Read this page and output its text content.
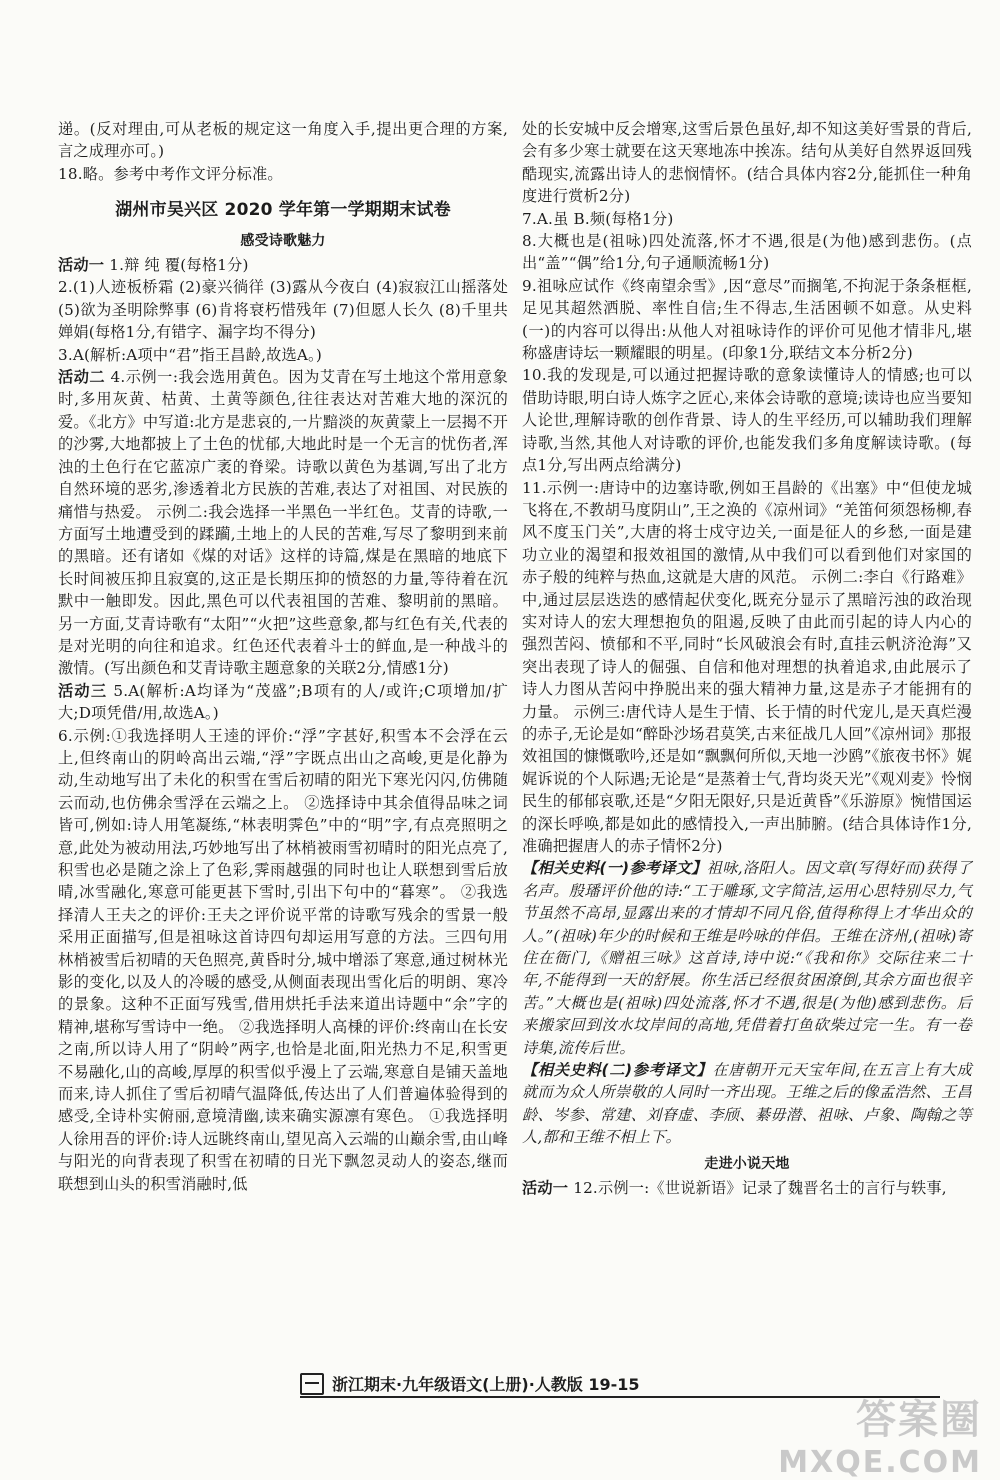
递。(反对理由,可从老板的规定这一角度入手,提出更合理的方案,言之成理亦可。)

18.略。参考中考作文评分标准。

湖州市吴兴区 2020 学年第一学期期末试卷
感受诗歌魅力

活动一 1.辩 纯 覆(每格1分)

2.(1)人迹板桥霜 (2)豪兴徜徉 (3)露从今夜白 (4)寂寂江山摇落处 (5)欲为圣明除弊事 (6)肯将衰朽惜残年 (7)但愿人长久 (8)千里共婵娟(每格1分,有错字、漏字均不得分)

3.A(解析:A项中“君”指王昌龄,故选A。)

活动二 4.示例一:我会选用黄色。因为艾青在写土地这个常用意象时,多用灰黄、枯黄、土黄等颜色,往往表达对苦难大地的深沉的爱。《北方》中写道:北方是悲哀的,一片黯淡的灰黄蒙上一层揭不开的沙雾,大地都披上了土色的忧郁,大地此时是一个无言的忧伤者,浑浊的土色行在它蓝凉广袤的脊梁。诗歌以黄色为基调,写出了北方自然环境的恶劣,渗透着北方民族的苦难,表达了对祖国、对民族的痛惜与热爱。 示例二:我会选择一半黑色一半红色。艾青的诗歌,一方面写土地遭受到的蹂躏,土地上的人民的苦难,写尽了黎明到来前的黑暗。还有诸如《煤的对话》这样的诗篇,煤是在黑暗的地底下长时间被压抑且寂寞的,这正是长期压抑的愤怒的力量,等待着在沉默中一触即发。因此,黑色可以代表祖国的苦难、黎明前的黑暗。另一方面,艾青诗歌有“太阳”“火把”这些意象,都与红色有关,代表的是对光明的向往和追求。红色还代表着斗士的鲜血,是一种战斗的激情。(写出颜色和艾青诗歌主题意象的关联2分,情感1分)

活动三 5.A(解析:A均译为“茂盛”;B项有的人/或许;C项增加/扩大;D项凭借/用,故选A。)

6.示例:①我选择明人王逵的评价:“浮”字甚好,积雪本不会浮在云上,但终南山的阴岭高出云端,“浮”字既点出山之高峻,更是化静为动,生动地写出了未化的积雪在雪后初晴的阳光下寒光闪闪,仿佛随云而动,也仿佛余雪浮在云端之上。 ②选择诗中其余值得品味之词皆可,例如:诗人用笔凝练,“林表明霁色”中的“明”字,有点亮照明之意,此处为被动用法,巧妙地写出了林梢被雨雪初晴时的阳光点亮了,积雪也必是随之涂上了色彩,霁雨越强的同时也让人联想到雪后放晴,冰雪融化,寒意可能更甚下雪时,引出下句中的“暮寒”。 ②我选择清人王夫之的评价:王夫之评价说平常的诗歌写残余的雪景一般采用正面描写,但是祖咏这首诗四句却运用写意的方法。三四句用林梢被雪后初晴的天色照亮,黄昏时分,城中增添了寒意,通过树林光影的变化,以及人的冷暖的感受,从侧面表现出雪化后的明朗、寒冷的景象。这种不正面写残雪,借用烘托手法来道出诗题中“余”字的精神,堪称写雪诗中一绝。 ②我选择明人高棅的评价:终南山在长安之南,所以诗人用了“阴岭”两字,也恰是北面,阳光热力不足,积雪更不易融化,山的高峻,厚厚的积雪似乎漫上了云端,寒意自是铺天盖地而来,诗人抓住了雪后初晴气温降低,传达出了人们普遍体验得到的感受,全诗朴实俯丽,意境清幽,读来确实源凛有寒色。 ①我选择明人徐用吾的评价:诗人远眺终南山,望见高入云端的山巅余雪,由山峰与阳光的向背表现了积雪在初晴的日光下飘忽灵动人的姿态,继而联想到山头的积雪消融时,低

处的长安城中反会增寒,这雪后景色虽好,却不知这美好雪景的背后,会有多少寒士就要在这天寒地冻中挨冻。结句从美好自然界返回残酷现实,流露出诗人的悲悯情怀。(结合具体内容2分,能抓住一种角度进行赏析2分)

7.A.虽 B.频(每格1分)

8.大概也是(祖咏)四处流落,怀才不遇,很是(为他)感到悲伤。(点出“盖”“偶”给1分,句子通顺流畅1分)

9.祖咏应试作《终南望余雪》,因“意尽”而搁笔,不拘泥于条条框框,足见其超然洒脱、率性自信;生不得志,生活困顿不如意。从史料(一)的内容可以得出:从他人对祖咏诗作的评价可见他才情非凡,堪称盛唐诗坛一颗耀眼的明星。(印象1分,联结文本分析2分)

10.我的发现是,可以通过把握诗歌的意象读懂诗人的情感;也可以借助诗眼,明白诗人炼字之匠心,来体会诗歌的意境;读诗也应当要知人论世,理解诗歌的创作背景、诗人的生平经历,可以辅助我们理解诗歌,当然,其他人对诗歌的评价,也能发我们多角度解读诗歌。(每点1分,写出两点给满分)

11.示例一:唐诗中的边塞诗歌,例如王昌龄的《出塞》中“但使龙城飞将在,不教胡马度阴山”,王之涣的《凉州词》“羌笛何须怨杨柳,春风不度玉门关”,大唐的将士戍守边关,一面是征人的乡愁,一面是建功立业的渴望和报效祖国的激情,从中我们可以看到他们对家国的赤子般的纯粹与热血,这就是大唐的风范。 示例二:李白《行路难》中,通过层层迭迭的感情起伏变化,既充分显示了黑暗污浊的政治现实对诗人的宏大理想抱负的阻遏,反映了由此而引起的诗人内心的强烈苦闷、愤郁和不平,同时“长风破浪会有时,直挂云帆济沧海”又突出表现了诗人的倔强、自信和他对理想的执着追求,由此展示了诗人力图从苦闷中挣脱出来的强大精神力量,这是赤子才能拥有的力量。 示例三:唐代诗人是生于情、长于情的时代宠儿,是天真烂漫的赤子,无论是如“醉卧沙场君莫笑,古来征战几人回”《凉州词》那报效祖国的慷慨歌吟,还是如“飘飘何所似,天地一沙鸥”《旅夜书怀》娓娓诉说的个人际遇;无论是“是蒸着士气,背均炎天光”《观刈麦》怜悯民生的郁郁哀歌,还是“夕阳无限好,只是近黄昏”《乐游原》惋惜国运的深长呼唤,都是如此的感情投入,一声出肺腑。(结合具体诗作1分,准确把握唐人的赤子情怀2分)

【相关史料(一)参考译文】祖咏,洛阳人。因文章(写得好而)获得了名声。殷璠评价他的诗:“工于雕琢,文字简洁,运用心思特别尽力,气节虽然不高昂,显露出来的才情却不同凡俗,值得称得上才华出众的人。”(祖咏)年少的时候和王维是吟咏的伴侣。王维在济州,(祖咏)寄住在衙门,《赠祖三咏》这首诗,诗中说:“《我和你》交际往来二十年,不能得到一天的舒展。你生活已经很贫困潦倒,其余方面也很辛苦。”大概也是(祖咏)四处流落,怀才不遇,很是(为他)感到悲伤。后来搬家回到汝水坟岸间的高地,凭借着打鱼砍柴过完一生。有一卷诗集,流传后世。

【相关史料(二)参考译文】在唐朝开元天宝年间,在五言上有大成就而为众人所崇敬的人同时一齐出现。王维之后的像孟浩然、王昌龄、岑参、常建、刘眘虚、李颀、綦毋潜、祖咏、卢象、陶翰之等人,都和王维不相上下。

走进小说天地

活动一 12.示例一:《世说新语》记录了魏晋名士的言行与轶事,

浙江期末·九年级语文(上册)·人教版 19-15
答案圈
MXQE.COM
